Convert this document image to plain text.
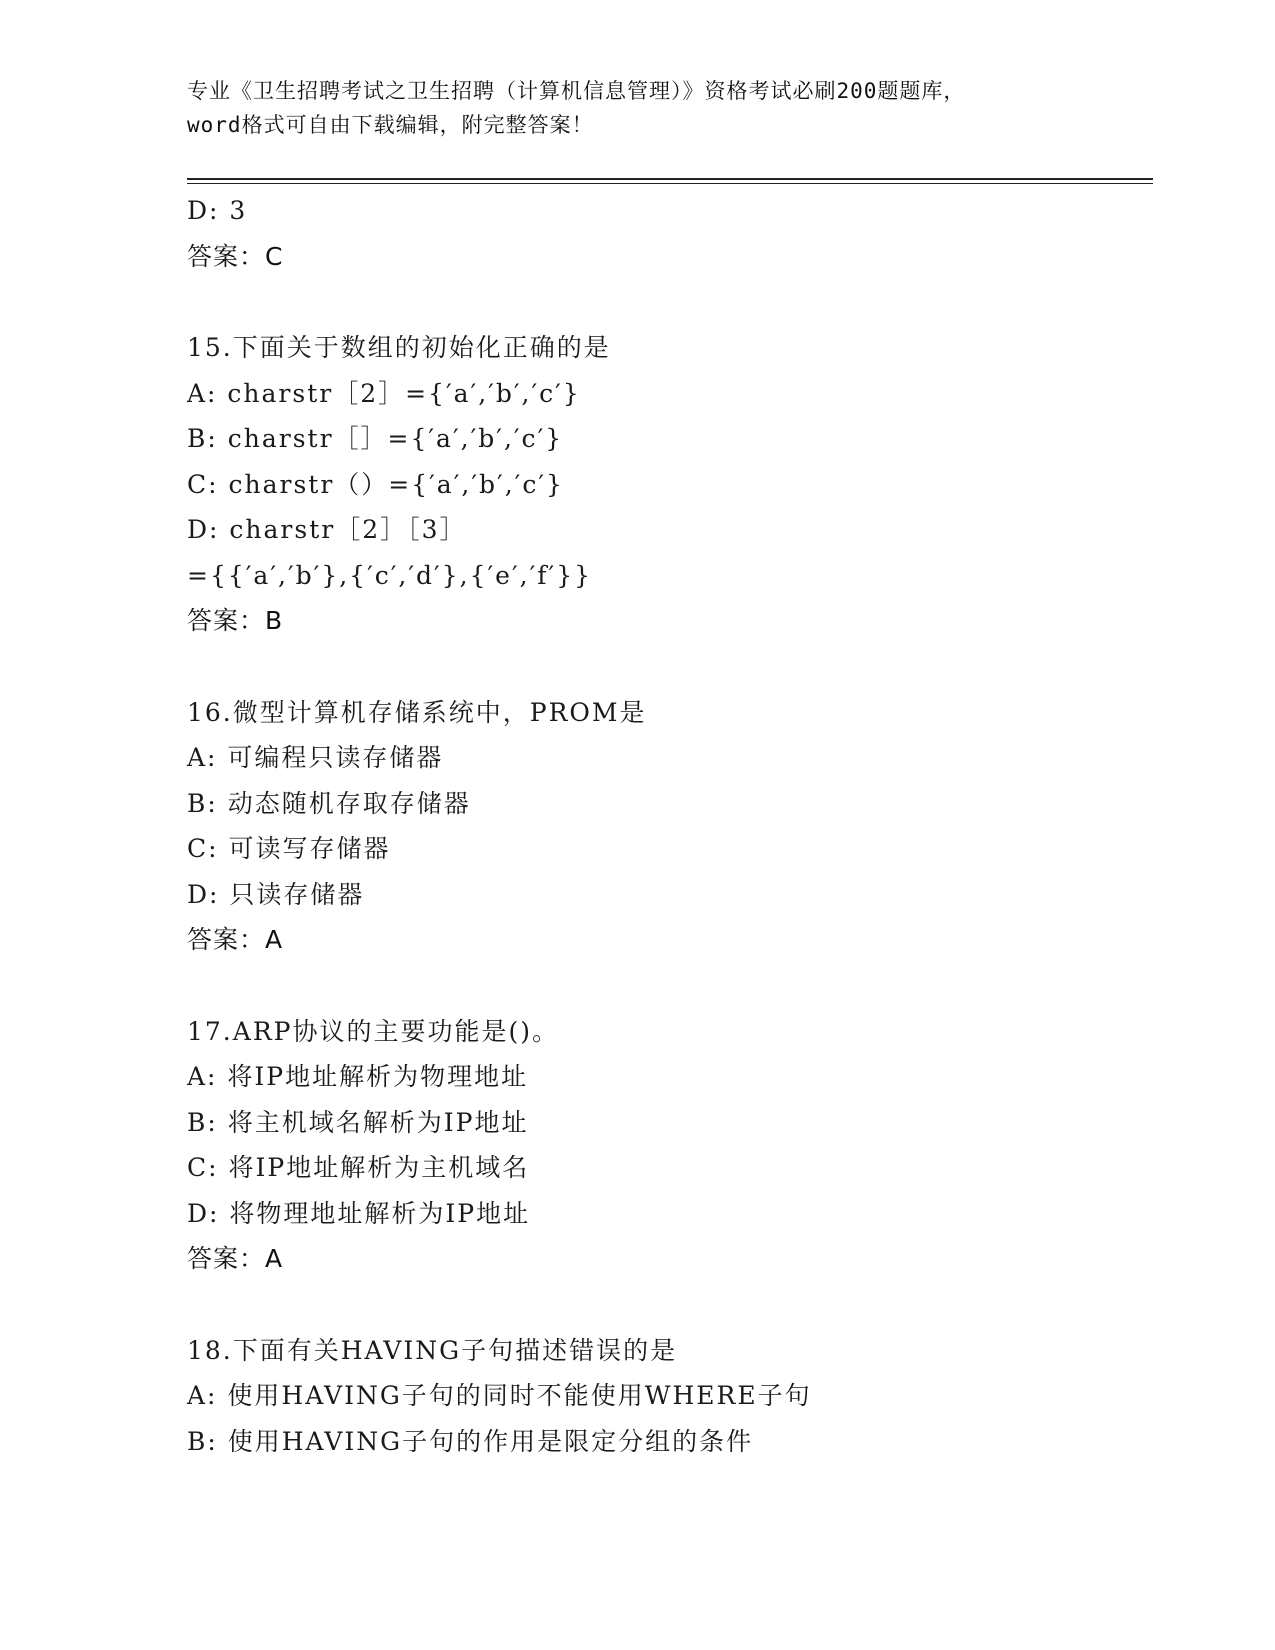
专业《卫生招聘考试之卫生招聘（计算机信息管理）》资格考试必刷200题题库，
word格式可自由下载编辑，附完整答案！
D: 3
答案：C
15.下面关于数组的初始化正确的是
A: charstr［2］={′a′,′b′,′c′}
B: charstr［］={′a′,′b′,′c′}
C: charstr（）={′a′,′b′,′c′}
D: charstr［2］［3］
={{′a′,′b′},{′c′,′d′},{′e′,′f′}}
答案：B
16.微型计算机存储系统中，PROM是
A: 可编程只读存储器
B: 动态随机存取存储器
C: 可读写存储器
D: 只读存储器
答案：A
17.ARP协议的主要功能是()。
A: 将IP地址解析为物理地址
B: 将主机域名解析为IP地址
C: 将IP地址解析为主机域名
D: 将物理地址解析为IP地址
答案：A
18.下面有关HAVING子句描述错误的是
A: 使用HAVING子句的同时不能使用WHERE子句
B: 使用HAVING子句的作用是限定分组的条件
